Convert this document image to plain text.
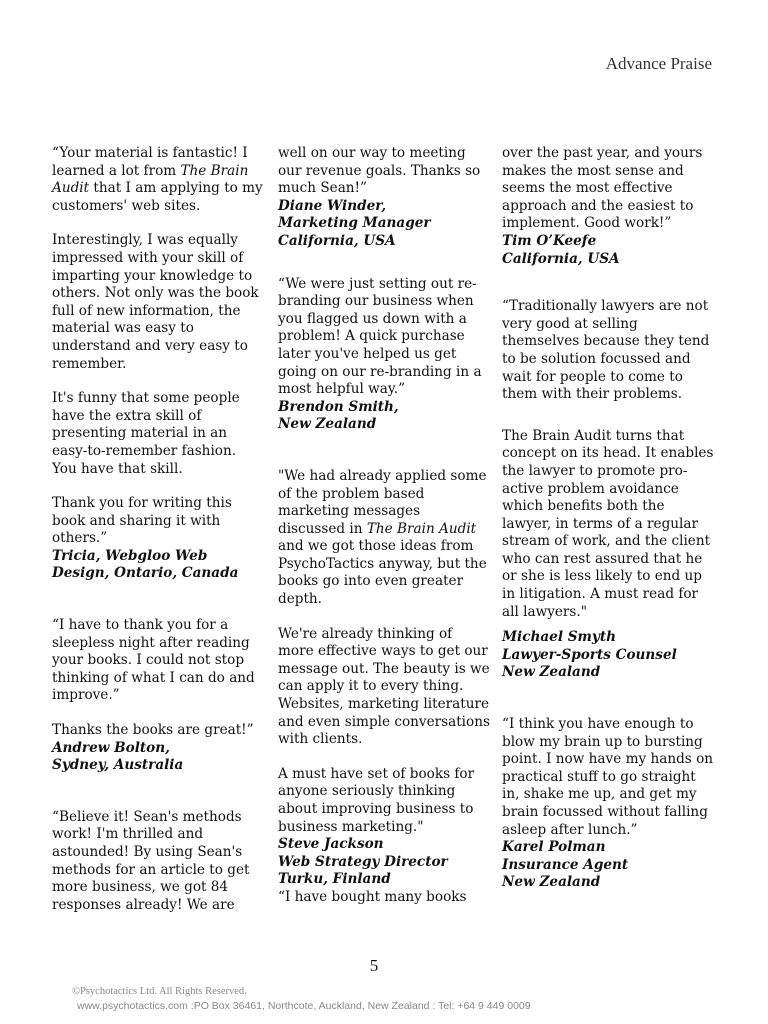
Advance Praise

“Your material is fantastic! I learned a lot from The Brain Audit that I am applying to my customers' web sites.

Interestingly, I was equally impressed with your skill of imparting your knowledge to others. Not only was the book full of new information, the material was easy to understand and very easy to remember.

It's funny that some people have the extra skill of presenting material in an easy-to-remember fashion. You have that skill.

Thank you for writing this book and sharing it with others.”

Tricia, Webgloo Web Design, Ontario, Canada

“I have to thank you for a sleepless night after reading your books. I could not stop thinking of what I can do and improve.”

Thanks the books are great!”

Andrew Bolton,

Sydney, Australia

“Believe it! Sean's methods work! I'm thrilled and astounded! By using Sean's methods for an article to get more business, we got 84 responses already! We are

well on our way to meeting our revenue goals. Thanks so much Sean!”

Diane Winder,

Marketing Manager

California, USA

“We were just setting out re-branding our business when you flagged us down with a problem! A quick purchase later you've helped us get going on our re-branding in a most helpful way.”

Brendon Smith,

New Zealand

"We had already applied some of the problem based marketing messages discussed in The Brain Audit and we got those ideas from PsychoTactics anyway, but the books go into even greater depth.

We're already thinking of more effective ways to get our message out. The beauty is we can apply it to every thing. Websites, marketing literature and even simple conversations with clients.

A must have set of books for anyone seriously thinking about improving business to business marketing."

Steve Jackson

Web Strategy Director

Turku, Finland

“I have bought many books

over the past year, and yours makes the most sense and seems the most effective approach and the easiest to implement. Good work!”

Tim O’Keefe

California, USA

“Traditionally lawyers are not very good at selling themselves because they tend to be solution focussed and wait for people to come to them with their problems.

The Brain Audit turns that concept on its head. It enables the lawyer to promote pro-active problem avoidance which benefits both the lawyer, in terms of a regular stream of work, and the client who can rest assured that he or she is less likely to end up in litigation. A must read for all lawyers."

Michael Smyth

Lawyer-Sports Counsel

New Zealand

“I think you have enough to blow my brain up to bursting point. I now have my hands on practical stuff to go straight in, shake me up, and get my brain focussed without falling asleep after lunch.”

Karel Polman

Insurance Agent

New Zealand

5
©Psychotactics Ltd. All Rights Reserved.
www.psychotactics.com :PO Box 36461, Northcote, Auckland, New Zealand : Tel: +64 9 449 0009
